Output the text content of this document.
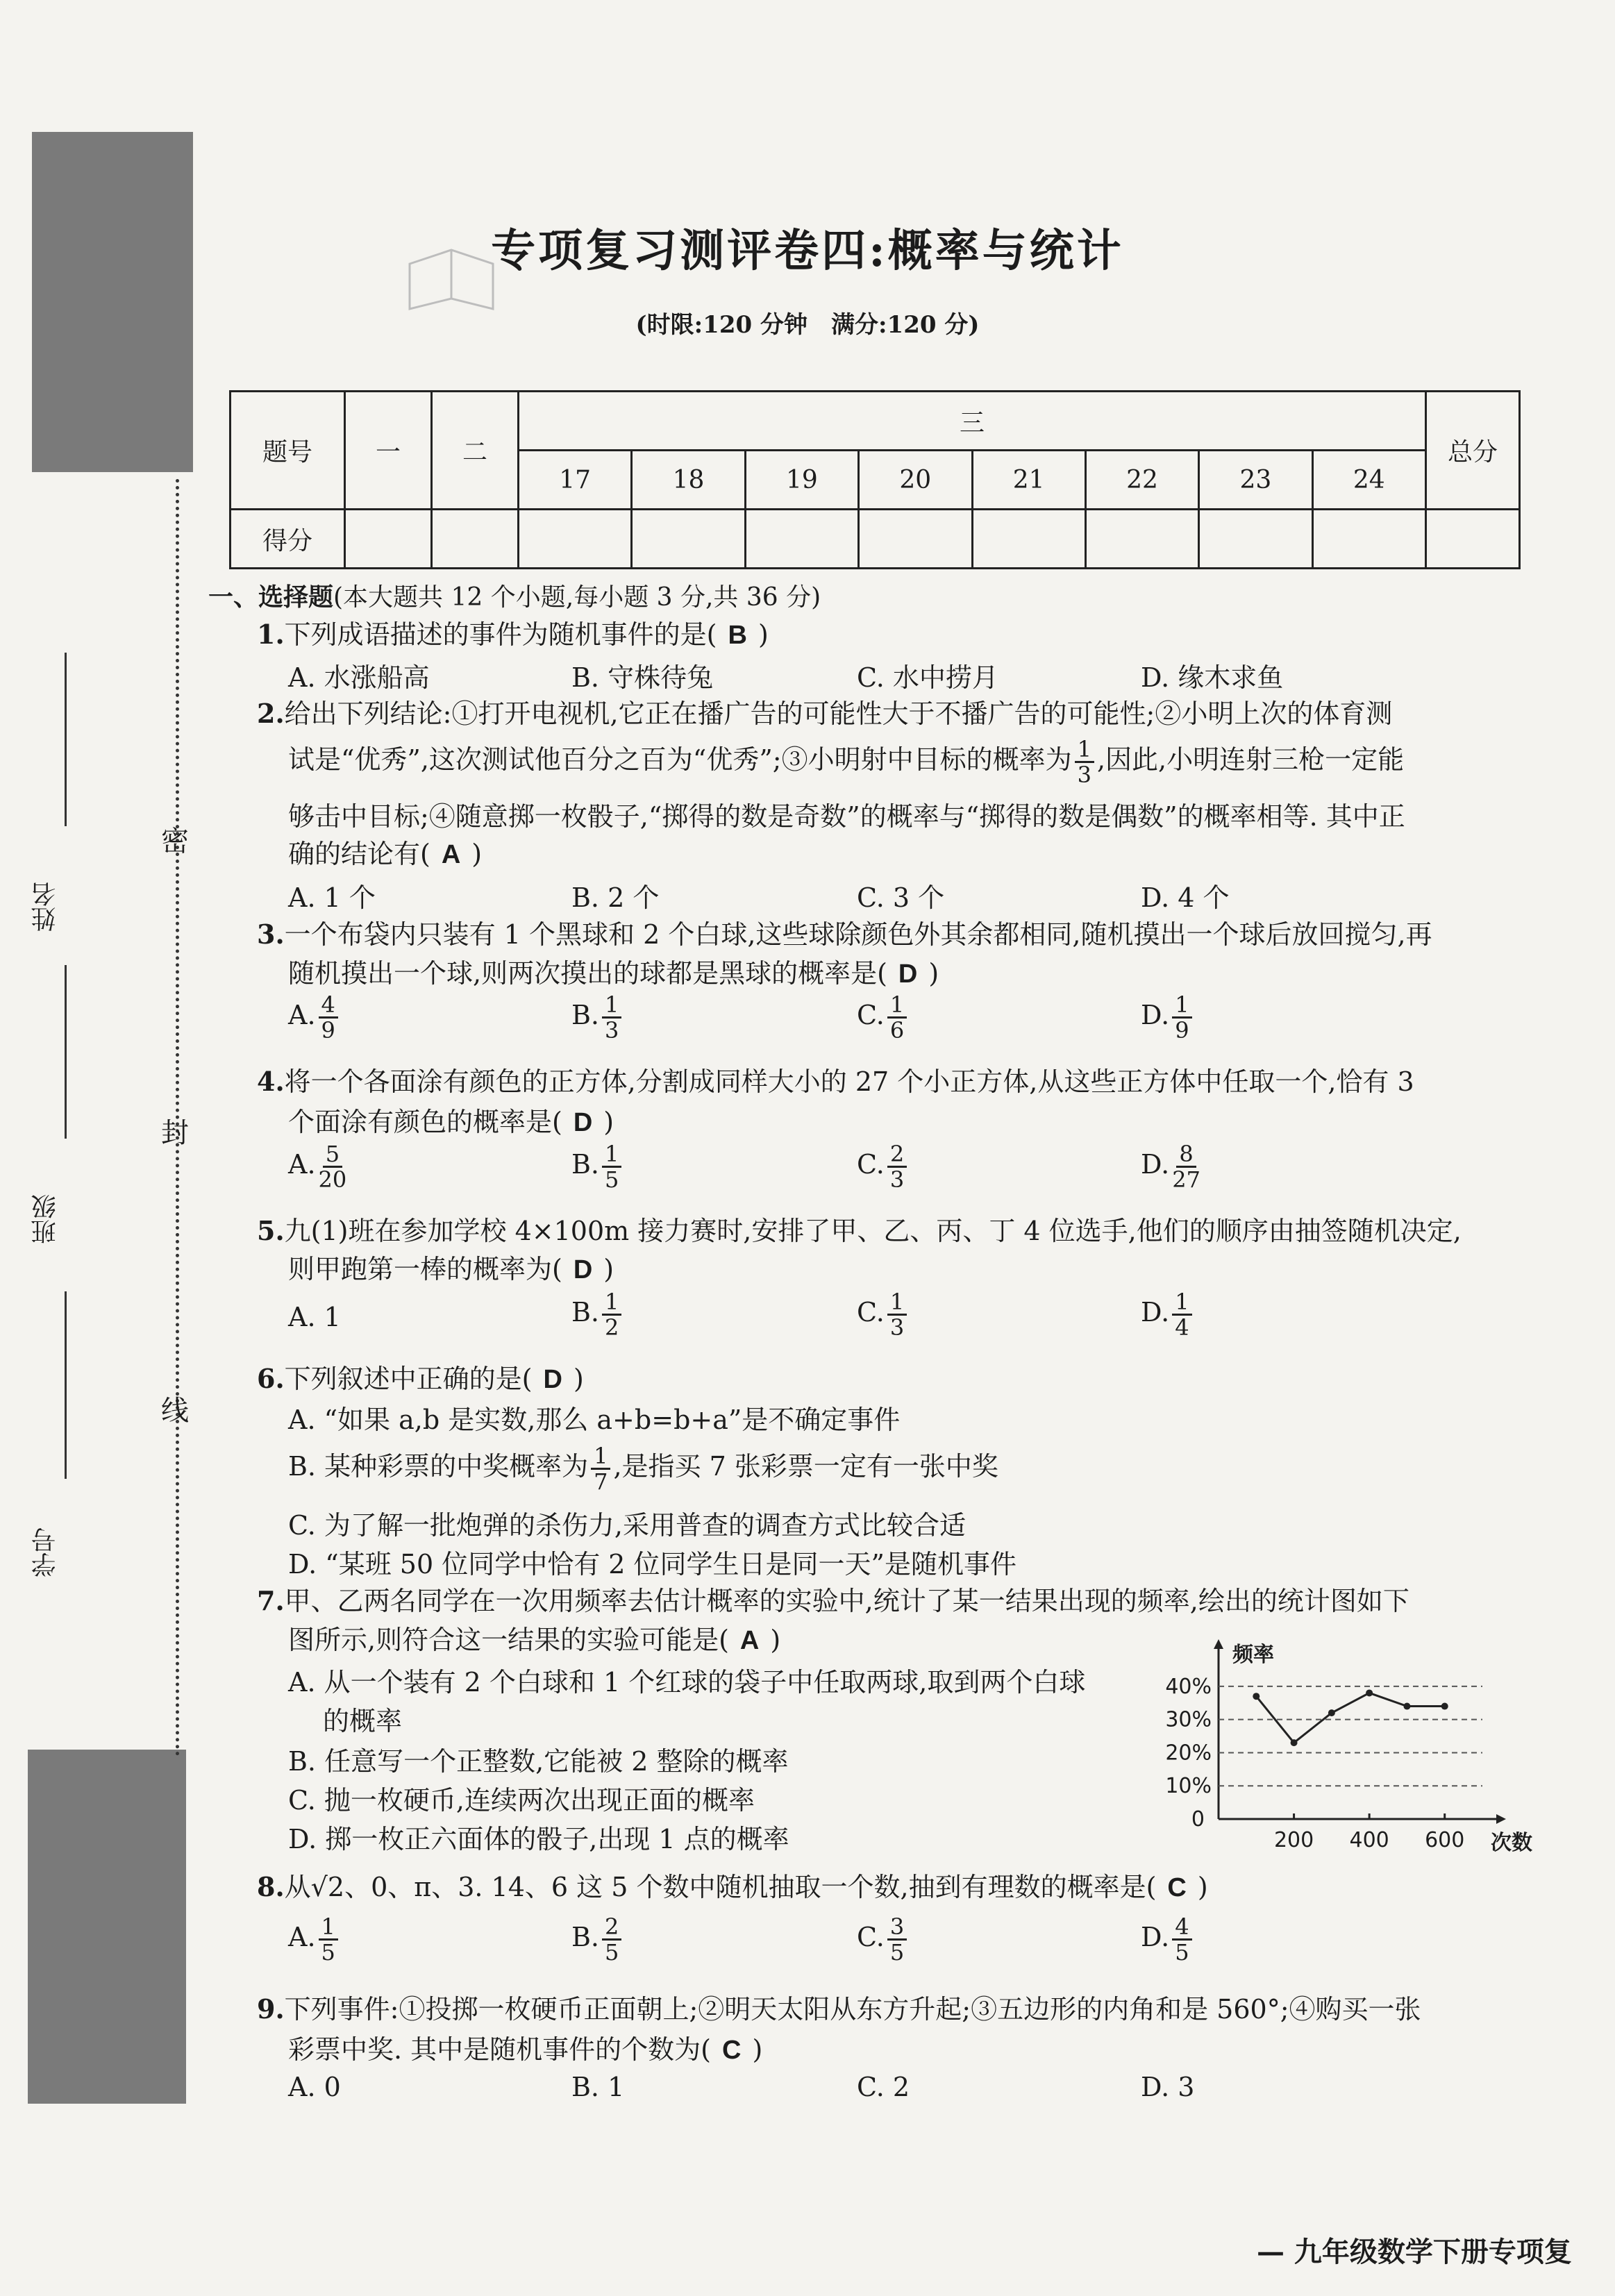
姓名
班级
学号
密
封
线
专项复习测评卷四:概率与统计
(时限:120 分钟　满分:120 分)
题号	一	二	三								总分
			17	18	19	20	21	22	23	24	
得分											
一、选择题(本大题共 12 个小题,每小题 3 分,共 36 分)
1.下列成语描述的事件为随机事件的是( B )
A. 水涨船高	B. 守株待兔	C. 水中捞月	D. 缘木求鱼
2.给出下列结论:①打开电视机,它正在播广告的可能性大于不播广告的可能性;②小明上次的体育测
试是“优秀”,这次测试他百分之百为“优秀”;③小明射中目标的概率为 $\frac{1}{3}$ ,因此,小明连射三枪一定能
够击中目标;④随意掷一枚骰子,“掷得的数是奇数”的概率与“掷得的数是偶数”的概率相等. 其中正
确的结论有( A )
A. 1 个	B. 2 个	C. 3 个	D. 4 个
3.一个布袋内只装有 1 个黑球和 2 个白球,这些球除颜色外其余都相同,随机摸出一个球后放回搅匀,再
随机摸出一个球,则两次摸出的球都是黑球的概率是( D )
A. $\frac{4}{9}$	B. $\frac{1}{3}$	C. $\frac{1}{6}$	D. $\frac{1}{9}$
4.将一个各面涂有颜色的正方体,分割成同样大小的 27 个小正方体,从这些正方体中任取一个,恰有 3
个面涂有颜色的概率是( D )
A. $\frac{5}{20}$	B. $\frac{1}{5}$	C. $\frac{2}{3}$	D. $\frac{8}{27}$
5.九(1)班在参加学校 4×100m 接力赛时,安排了甲、乙、丙、丁 4 位选手,他们的顺序由抽签随机决定,
则甲跑第一棒的概率为( D )
A. 1	B. $\frac{1}{2}$	C. $\frac{1}{3}$	D. $\frac{1}{4}$
6.下列叙述中正确的是( D )
A. “如果 a,b 是实数,那么 a+b=b+a”是不确定事件
B. 某种彩票的中奖概率为 $\frac{1}{7}$ ,是指买 7 张彩票一定有一张中奖
C. 为了解一批炮弹的杀伤力,采用普查的调查方式比较合适
D. “某班 50 位同学中恰有 2 位同学生日是同一天”是随机事件
7.甲、乙两名同学在一次用频率去估计概率的实验中,统计了某一结果出现的频率,绘出的统计图如下
图所示,则符合这一结果的实验可能是( A )
A. 从一个装有 2 个白球和 1 个红球的袋子中任取两球,取到两个白球
的概率
B. 任意写一个正整数,它能被 2 整除的概率
C. 抛一枚硬币,连续两次出现正面的概率
D. 掷一枚正六面体的骰子,出现 1 点的概率
10%
20%
30%
40%
200 400 600
0
频率
次数
8.从√2、0、π、3. 14、6 这 5 个数中随机抽取一个数,抽到有理数的概率是( C )
A. $\frac{1}{5}$	B. $\frac{2}{5}$	C. $\frac{3}{5}$	D. $\frac{4}{5}$
9.下列事件:①投掷一枚硬币正面朝上;②明天太阳从东方升起;③五边形的内角和是 560°;④购买一张
彩票中奖. 其中是随机事件的个数为( C )
A. 0	B. 1	C. 2	D. 3
— 九年级数学下册专项复
